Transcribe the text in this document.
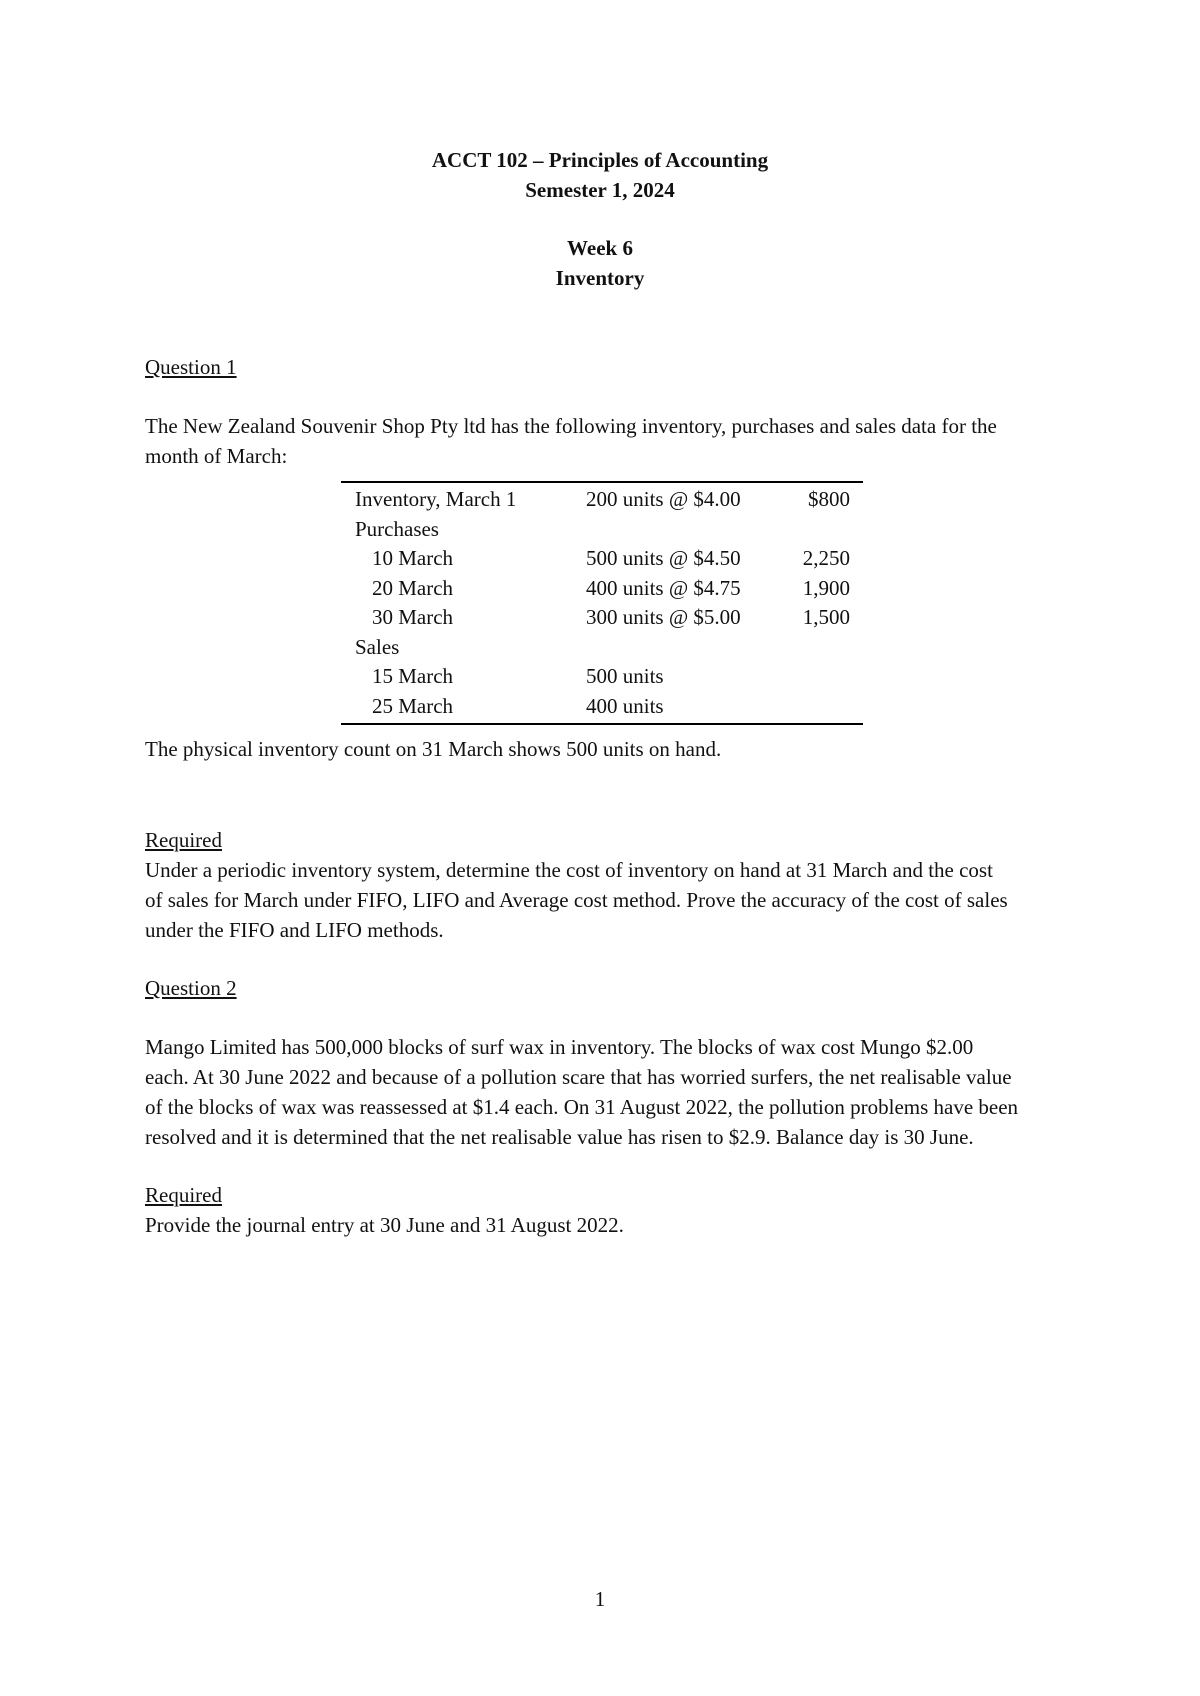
ACCT 102 – Principles of Accounting
Semester 1, 2024
Week 6
Inventory
Question 1
The New Zealand Souvenir Shop Pty ltd has the following inventory, purchases and sales data for the
month of March:
Inventory, March 1	200 units @ $4.00	$800
Purchases
10 March	500 units @ $4.50	2,250
20 March	400 units @ $4.75	1,900
30 March	300 units @ $5.00	1,500
Sales
15 March	500 units
25 March	400 units
The physical inventory count on 31 March shows 500 units on hand.
Required
Under a periodic inventory system, determine the cost of inventory on hand at 31 March and the cost
of sales for March under FIFO, LIFO and Average cost method. Prove the accuracy of the cost of sales
under the FIFO and LIFO methods.
Question 2
Mango Limited has 500,000 blocks of surf wax in inventory. The blocks of wax cost Mungo $2.00
each. At 30 June 2022 and because of a pollution scare that has worried surfers, the net realisable value
of the blocks of wax was reassessed at $1.4 each. On 31 August 2022, the pollution problems have been
resolved and it is determined that the net realisable value has risen to $2.9. Balance day is 30 June.
Required
Provide the journal entry at 30 June and 31 August 2022.
1
